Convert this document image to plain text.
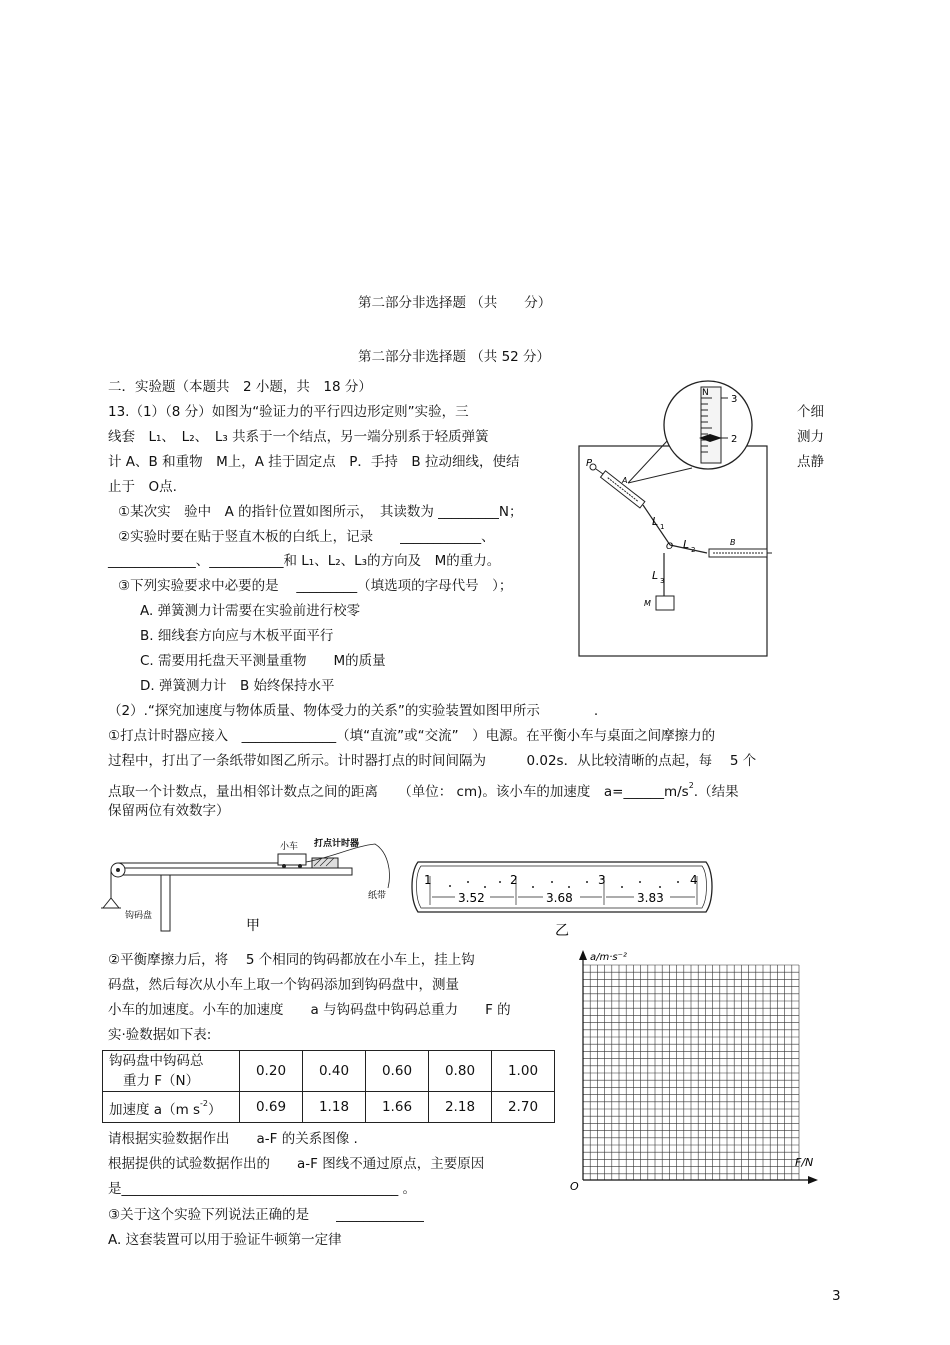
第二部分非选择题 （共　　分）
第二部分非选择题 （共 52 分）
二．实验题（本题共　2 小题，共　18 分）
13.（1）（8 分）如图为“验证力的平行四边形定则”实验，三	个细
线套　L₁、　L₂、　L₃ 共系于一个结点，另一端分别系于轻质弹簧	测力
计 A、B 和重物　M上，A 挂于固定点　P．手持　B 拉动细线，使结	点静
止于　O点.
①某次实　验中　A 的指针位置如图所示，　其读数为 _________N；
②实验时要在贴于竖直木板的白纸上，记录　　____________、
_____________、___________和 L₁、L₂、L₃的方向及　M的重力。
③下列实验要求中必要的是　 _________（填选项的字母代号　）；
A. 弹簧测力计需要在实验前进行校零
B. 细线套方向应与木板平面平行
C. 需要用托盘天平测量重物　　M的质量
D. 弹簧测力计　B 始终保持水平
N
3
2
P
A
L 1
O L 2
B
L 3
M
（2）.“探究加速度与物体质量、物体受力的关系”的实验装置如图甲所示　　　　.
①打点计时器应接入　______________（填“直流”或“交流”　）电源。在平衡小车与桌面之间摩擦力的
过程中，打出了一条纸带如图乙所示。计时器打点的时间间隔为　　　0.02s．从比较清晰的点起，每　 5 个
点取一个计数点，量出相邻计数点之间的距离　　（单位： cm)。该小车的加速度　$a=\_\_\_\_\_\_m/s^2$.（结果
保留两位有效数字）
小车 打点计时器
纸带
钩码盘
甲
1	2	3	4
3.52	3.68	3.83
乙
②平衡摩擦力后，将　 5 个相同的钩码都放在小车上，挂上钩
码盘，然后每次从小车上取一个钩码添加到钩码盘中，测量
小车的加速度。小车的加速度　　a 与钩码盘中钩码总重力　　F 的
实·验数据如下表:
钩码盘中钩码总
重力 F（N）	0.20	0.40	0.60	0.80	1.00
加速度 a（m $s^{-2}$）	0.69	1.18	1.66	2.18	2.70
请根据实验数据作出　　a-F 的关系图像 .
根据提供的试验数据作出的　　a-F 图线不通过原点，主要原因
是_________________________________________ 。
③关于这个实验下列说法正确的是　　_____________
A. 这套装置可以用于验证牛顿第一定律
a/m·s⁻²
F/N
O
3
